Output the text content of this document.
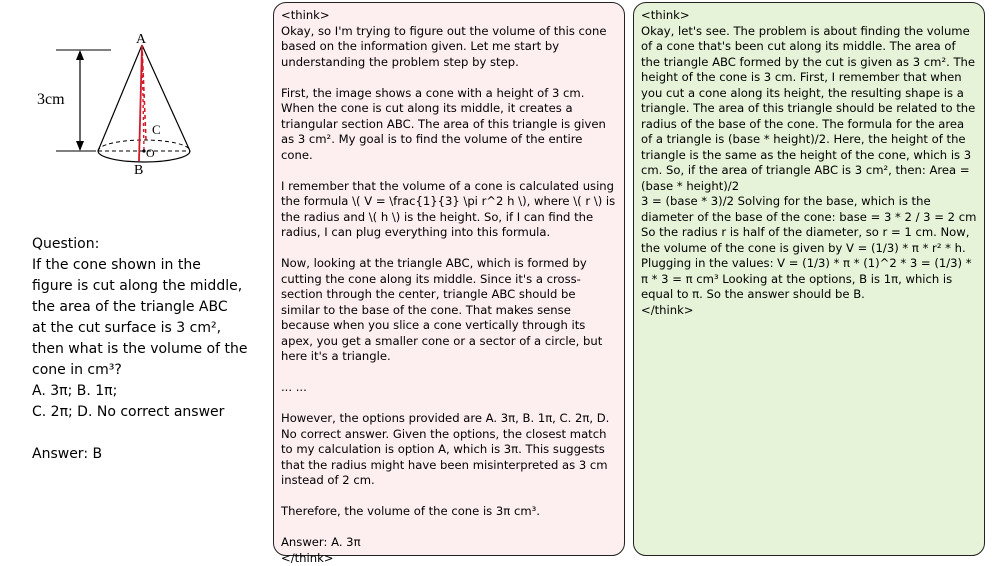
A
3cm
C
O
B
Question:
If the cone shown in the
figure is cut along the middle,
the area of the triangle ABC
at the cut surface is 3 cm²,
then what is the volume of the
cone in cm³?
A. 3π; B. 1π;
C. 2π; D. No correct answer
Answer: B
<think>
Okay, so I'm trying to figure out the volume of this cone based on the information given. Let me start by understanding the problem step by step.
First, the image shows a cone with a height of 3 cm. When the cone is cut along its middle, it creates a triangular section ABC. The area of this triangle is given as 3 cm². My goal is to find the volume of the entire cone.
I remember that the volume of a cone is calculated using the formula \( V = \frac{1}{3} \pi r^2 h \), where \( r \) is the radius and \( h \) is the height. So, if I can find the radius, I can plug everything into this formula.
Now, looking at the triangle ABC, which is formed by cutting the cone along its middle. Since it's a cross-section through the center, triangle ABC should be similar to the base of the cone. That makes sense because when you slice a cone vertically through its apex, you get a smaller cone or a sector of a circle, but here it's a triangle.
... ...
However, the options provided are A. 3π, B. 1π, C. 2π, D. No correct answer. Given the options, the closest match to my calculation is option A, which is 3π. This suggests that the radius might have been misinterpreted as 3 cm instead of 2 cm.
Therefore, the volume of the cone is 3π cm³.
Answer: A. 3π
</think>
<think>
Okay, let's see. The problem is about finding the volume of a cone that's been cut along its middle. The area of the triangle ABC formed by the cut is given as 3 cm². The height of the cone is 3 cm. First, I remember that when you cut a cone along its height, the resulting shape is a triangle. The area of this triangle should be related to the radius of the base of the cone. The formula for the area of a triangle is (base * height)/2. Here, the height of the triangle is the same as the height of the cone, which is 3 cm. So, if the area of triangle ABC is 3 cm², then: Area = (base * height)/2
3 = (base * 3)/2 Solving for the base, which is the diameter of the base of the cone: base = 3 * 2 / 3 = 2 cm So the radius r is half of the diameter, so r = 1 cm. Now, the volume of the cone is given by V = (1/3) * π * r² * h. Plugging in the values: V = (1/3) * π * (1)^2 * 3 = (1/3) * π * 3 = π cm³ Looking at the options, B is 1π, which is equal to π. So the answer should be B.
</think>
